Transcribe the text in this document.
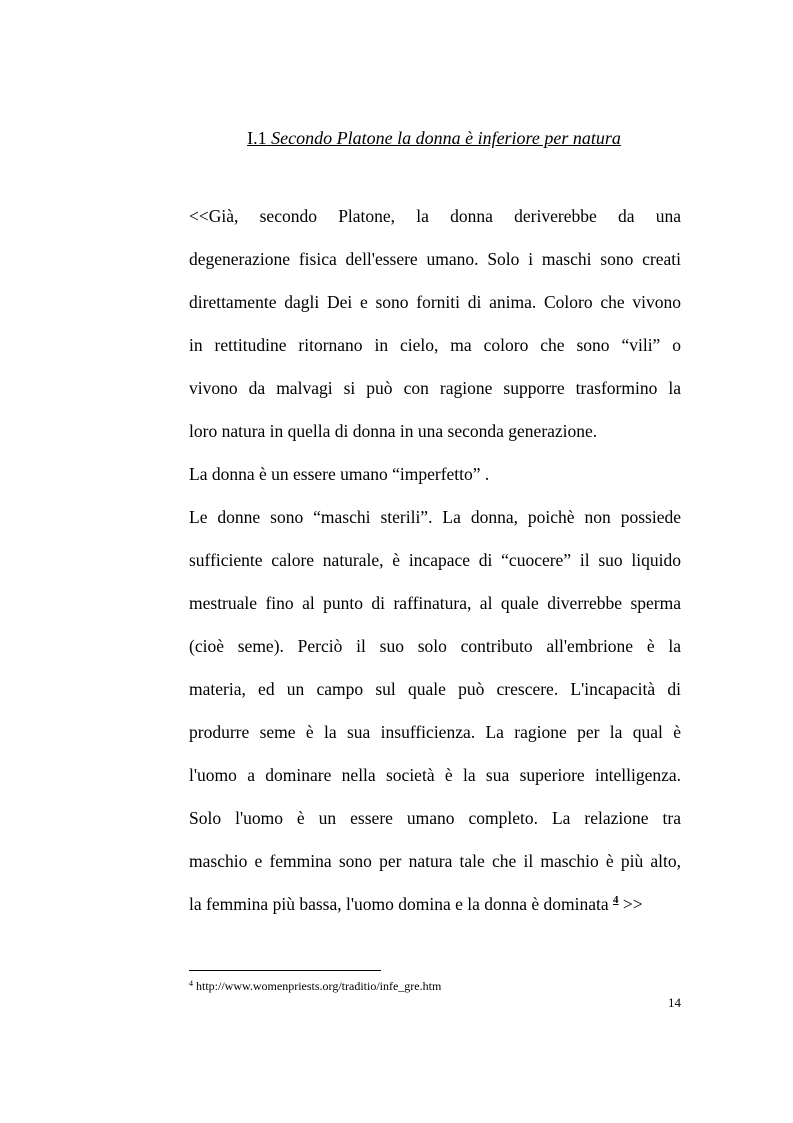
I.1 Secondo Platone la donna è inferiore per natura
<<Già, secondo Platone, la donna deriverebbe da una
degenerazione fisica dell'essere umano. Solo i maschi sono creati
direttamente dagli Dei e sono forniti di anima. Coloro che vivono
in rettitudine ritornano in cielo, ma coloro che sono “vili” o
vivono da malvagi si può con ragione supporre trasformino la
loro natura in quella di donna in una seconda generazione.
La donna è un essere umano “imperfetto” .
Le donne sono “maschi sterili”. La donna, poichè non possiede
sufficiente calore naturale, è incapace di “cuocere” il suo liquido
mestruale fino al punto di raffinatura, al quale diverrebbe sperma
(cioè seme). Perciò il suo solo contributo all'embrione è la
materia, ed un campo sul quale può crescere. L'incapacità di
produrre seme è la sua insufficienza. La ragione per la qual è
l'uomo a dominare nella società è la sua superiore intelligenza.
Solo l'uomo è un essere umano completo. La relazione tra
maschio e femmina sono per natura tale che il maschio è più alto,
la femmina più bassa, l'uomo domina e la donna è dominata $^4$ >>
$^4$ http://www.womenpriests.org/traditio/infe_gre.htm
14
